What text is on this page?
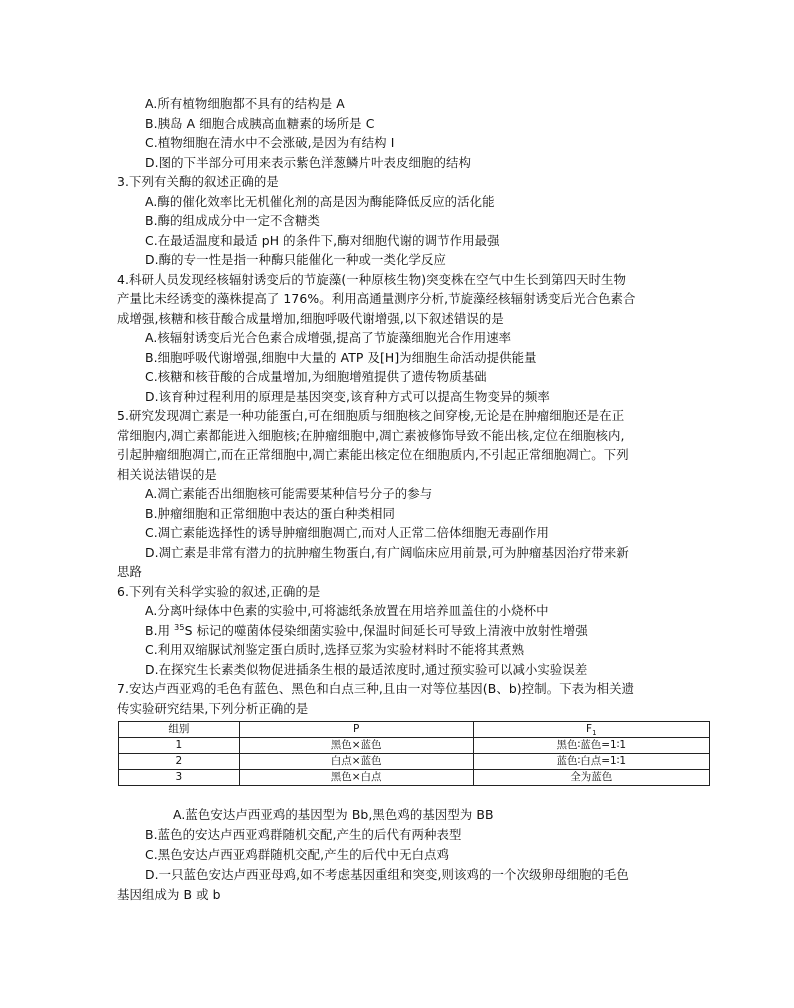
A.所有植物细胞都不具有的结构是 A
B.胰岛 A 细胞合成胰高血糖素的场所是 C
C.植物细胞在清水中不会涨破,是因为有结构 I
D.图的下半部分可用来表示紫色洋葱鳞片叶表皮细胞的结构
3.下列有关酶的叙述正确的是
A.酶的催化效率比无机催化剂的高是因为酶能降低反应的活化能
B.酶的组成成分中一定不含糖类
C.在最适温度和最适 pH 的条件下,酶对细胞代谢的调节作用最强
D.酶的专一性是指一种酶只能催化一种或一类化学反应
4.科研人员发现经核辐射诱变后的节旋藻(一种原核生物)突变株在空气中生长到第四天时生物
产量比未经诱变的藻株提高了 176%。利用高通量测序分析,节旋藻经核辐射诱变后光合色素合
成增强,核糖和核苷酸合成量增加,细胞呼吸代谢增强,以下叙述错误的是
A.核辐射诱变后光合色素合成增强,提高了节旋藻细胞光合作用速率
B.细胞呼吸代谢增强,细胞中大量的 ATP 及[H]为细胞生命活动提供能量
C.核糖和核苷酸的合成量增加,为细胞增殖提供了遗传物质基础
D.该育种过程利用的原理是基因突变,该育种方式可以提高生物变异的频率
5.研究发现凋亡素是一种功能蛋白,可在细胞质与细胞核之间穿梭,无论是在肿瘤细胞还是在正
常细胞内,凋亡素都能进入细胞核;在肿瘤细胞中,凋亡素被修饰导致不能出核,定位在细胞核内,
引起肿瘤细胞凋亡,而在正常细胞中,凋亡素能出核定位在细胞质内,不引起正常细胞凋亡。下列
相关说法错误的是
A.凋亡素能否出细胞核可能需要某种信号分子的参与
B.肿瘤细胞和正常细胞中表达的蛋白种类相同
C.凋亡素能选择性的诱导肿瘤细胞凋亡,而对人正常二倍体细胞无毒副作用
D.凋亡素是非常有潜力的抗肿瘤生物蛋白,有广阔临床应用前景,可为肿瘤基因治疗带来新
思路
6.下列有关科学实验的叙述,正确的是
A.分离叶绿体中色素的实验中,可将滤纸条放置在用培养皿盖住的小烧杯中
B.用 $^{35}$S 标记的噬菌体侵染细菌实验中,保温时间延长可导致上清液中放射性增强
C.利用双缩脲试剂鉴定蛋白质时,选择豆浆为实验材料时不能将其煮熟
D.在探究生长素类似物促进插条生根的最适浓度时,通过预实验可以减小实验误差
7.安达卢西亚鸡的毛色有蓝色、黑色和白点三种,且由一对等位基因(B、b)控制。下表为相关遗
传实验研究结果,下列分析正确的是
组别	P	$F_1$
1	黑色×蓝色	黑色∶蓝色=1∶1
2	白点×蓝色	蓝色∶白点=1∶1
3	黑色×白点	全为蓝色
A.蓝色安达卢西亚鸡的基因型为 Bb,黑色鸡的基因型为 BB
B.蓝色的安达卢西亚鸡群随机交配,产生的后代有两种表型
C.黑色安达卢西亚鸡群随机交配,产生的后代中无白点鸡
D.一只蓝色安达卢西亚母鸡,如不考虑基因重组和突变,则该鸡的一个次级卵母细胞的毛色
基因组成为 B 或 b
